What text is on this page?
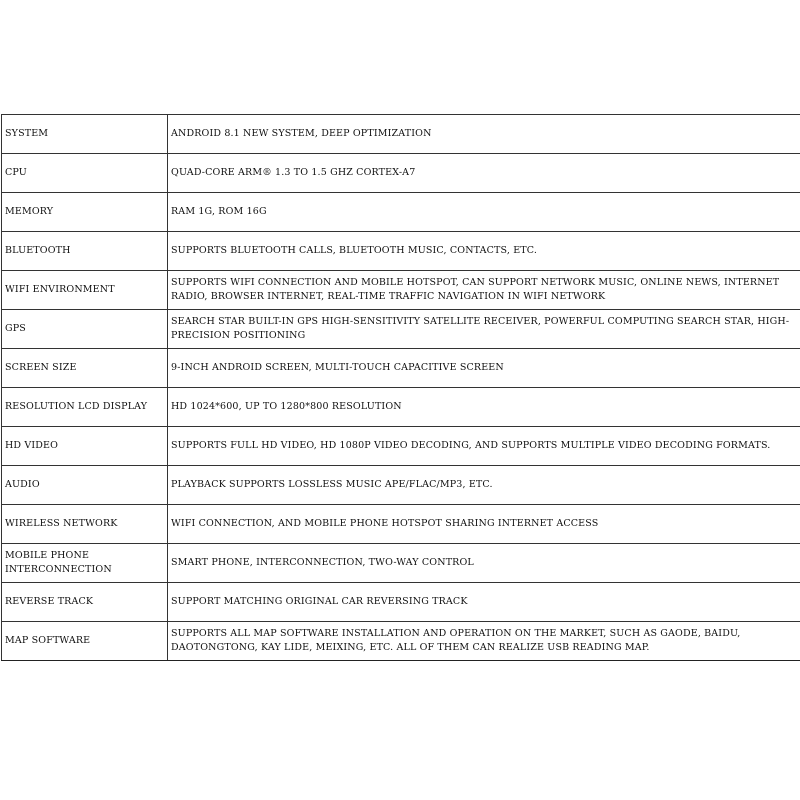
SYSTEM	ANDROID 8.1 NEW SYSTEM, DEEP OPTIMIZATION
CPU	QUAD-CORE ARM® 1.3 TO 1.5 GHZ CORTEX-A7
MEMORY	RAM 1G, ROM 16G
BLUETOOTH	SUPPORTS BLUETOOTH CALLS, BLUETOOTH MUSIC, CONTACTS, ETC.
WIFI ENVIRONMENT	SUPPORTS WIFI CONNECTION AND MOBILE HOTSPOT, CAN SUPPORT NETWORK MUSIC, ONLINE NEWS, INTERNET RADIO, BROWSER INTERNET, REAL-TIME TRAFFIC NAVIGATION IN WIFI NETWORK
GPS	SEARCH STAR BUILT-IN GPS HIGH-SENSITIVITY SATELLITE RECEIVER, POWERFUL COMPUTING SEARCH STAR, HIGH-PRECISION POSITIONING
SCREEN SIZE	9-INCH ANDROID SCREEN, MULTI-TOUCH CAPACITIVE SCREEN
RESOLUTION LCD DISPLAY	HD 1024*600, UP TO 1280*800 RESOLUTION
HD VIDEO	SUPPORTS FULL HD VIDEO, HD 1080P VIDEO DECODING, AND SUPPORTS MULTIPLE VIDEO DECODING FORMATS.
AUDIO	PLAYBACK SUPPORTS LOSSLESS MUSIC APE/FLAC/MP3, ETC.
WIRELESS NETWORK	WIFI CONNECTION, AND MOBILE PHONE HOTSPOT SHARING INTERNET ACCESS
MOBILE PHONE INTERCONNECTION	SMART PHONE, INTERCONNECTION, TWO-WAY CONTROL
REVERSE TRACK	SUPPORT MATCHING ORIGINAL CAR REVERSING TRACK
MAP SOFTWARE	SUPPORTS ALL MAP SOFTWARE INSTALLATION AND OPERATION ON THE MARKET, SUCH AS GAODE, BAIDU, DAOTONGTONG, KAY LIDE, MEIXING, ETC. ALL OF THEM CAN REALIZE USB READING MAP.
